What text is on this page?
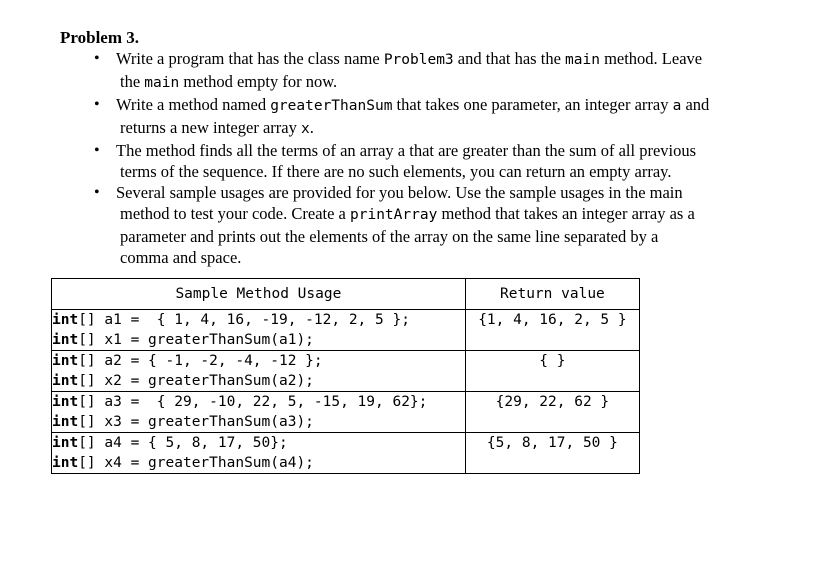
Problem 3.
• Write a program that has the class name Problem3 and that has the main method. Leave
the main method empty for now.
• Write a method named greaterThanSum that takes one parameter, an integer array a and
returns a new integer array x.
• The method finds all the terms of an array a that are greater than the sum of all previous
terms of the sequence. If there are no such elements, you can return an empty array.
• Several sample usages are provided for you below. Use the sample usages in the main
method to test your code. Create a printArray method that takes an integer array as a
parameter and prints out the elements of the array on the same line separated by a
comma and space.
Sample Method Usage	Return value
int[] a1 =  { 1, 4, 16, -19, -12, 2, 5 };
int[] x1 = greaterThanSum(a1);	{1, 4, 16, 2, 5 }
int[] a2 = { -1, -2, -4, -12 };
int[] x2 = greaterThanSum(a2);	{ }
int[] a3 =  { 29, -10, 22, 5, -15, 19, 62};
int[] x3 = greaterThanSum(a3);	{29, 22, 62 }
int[] a4 = { 5, 8, 17, 50};
int[] x4 = greaterThanSum(a4);	{5, 8, 17, 50 }
